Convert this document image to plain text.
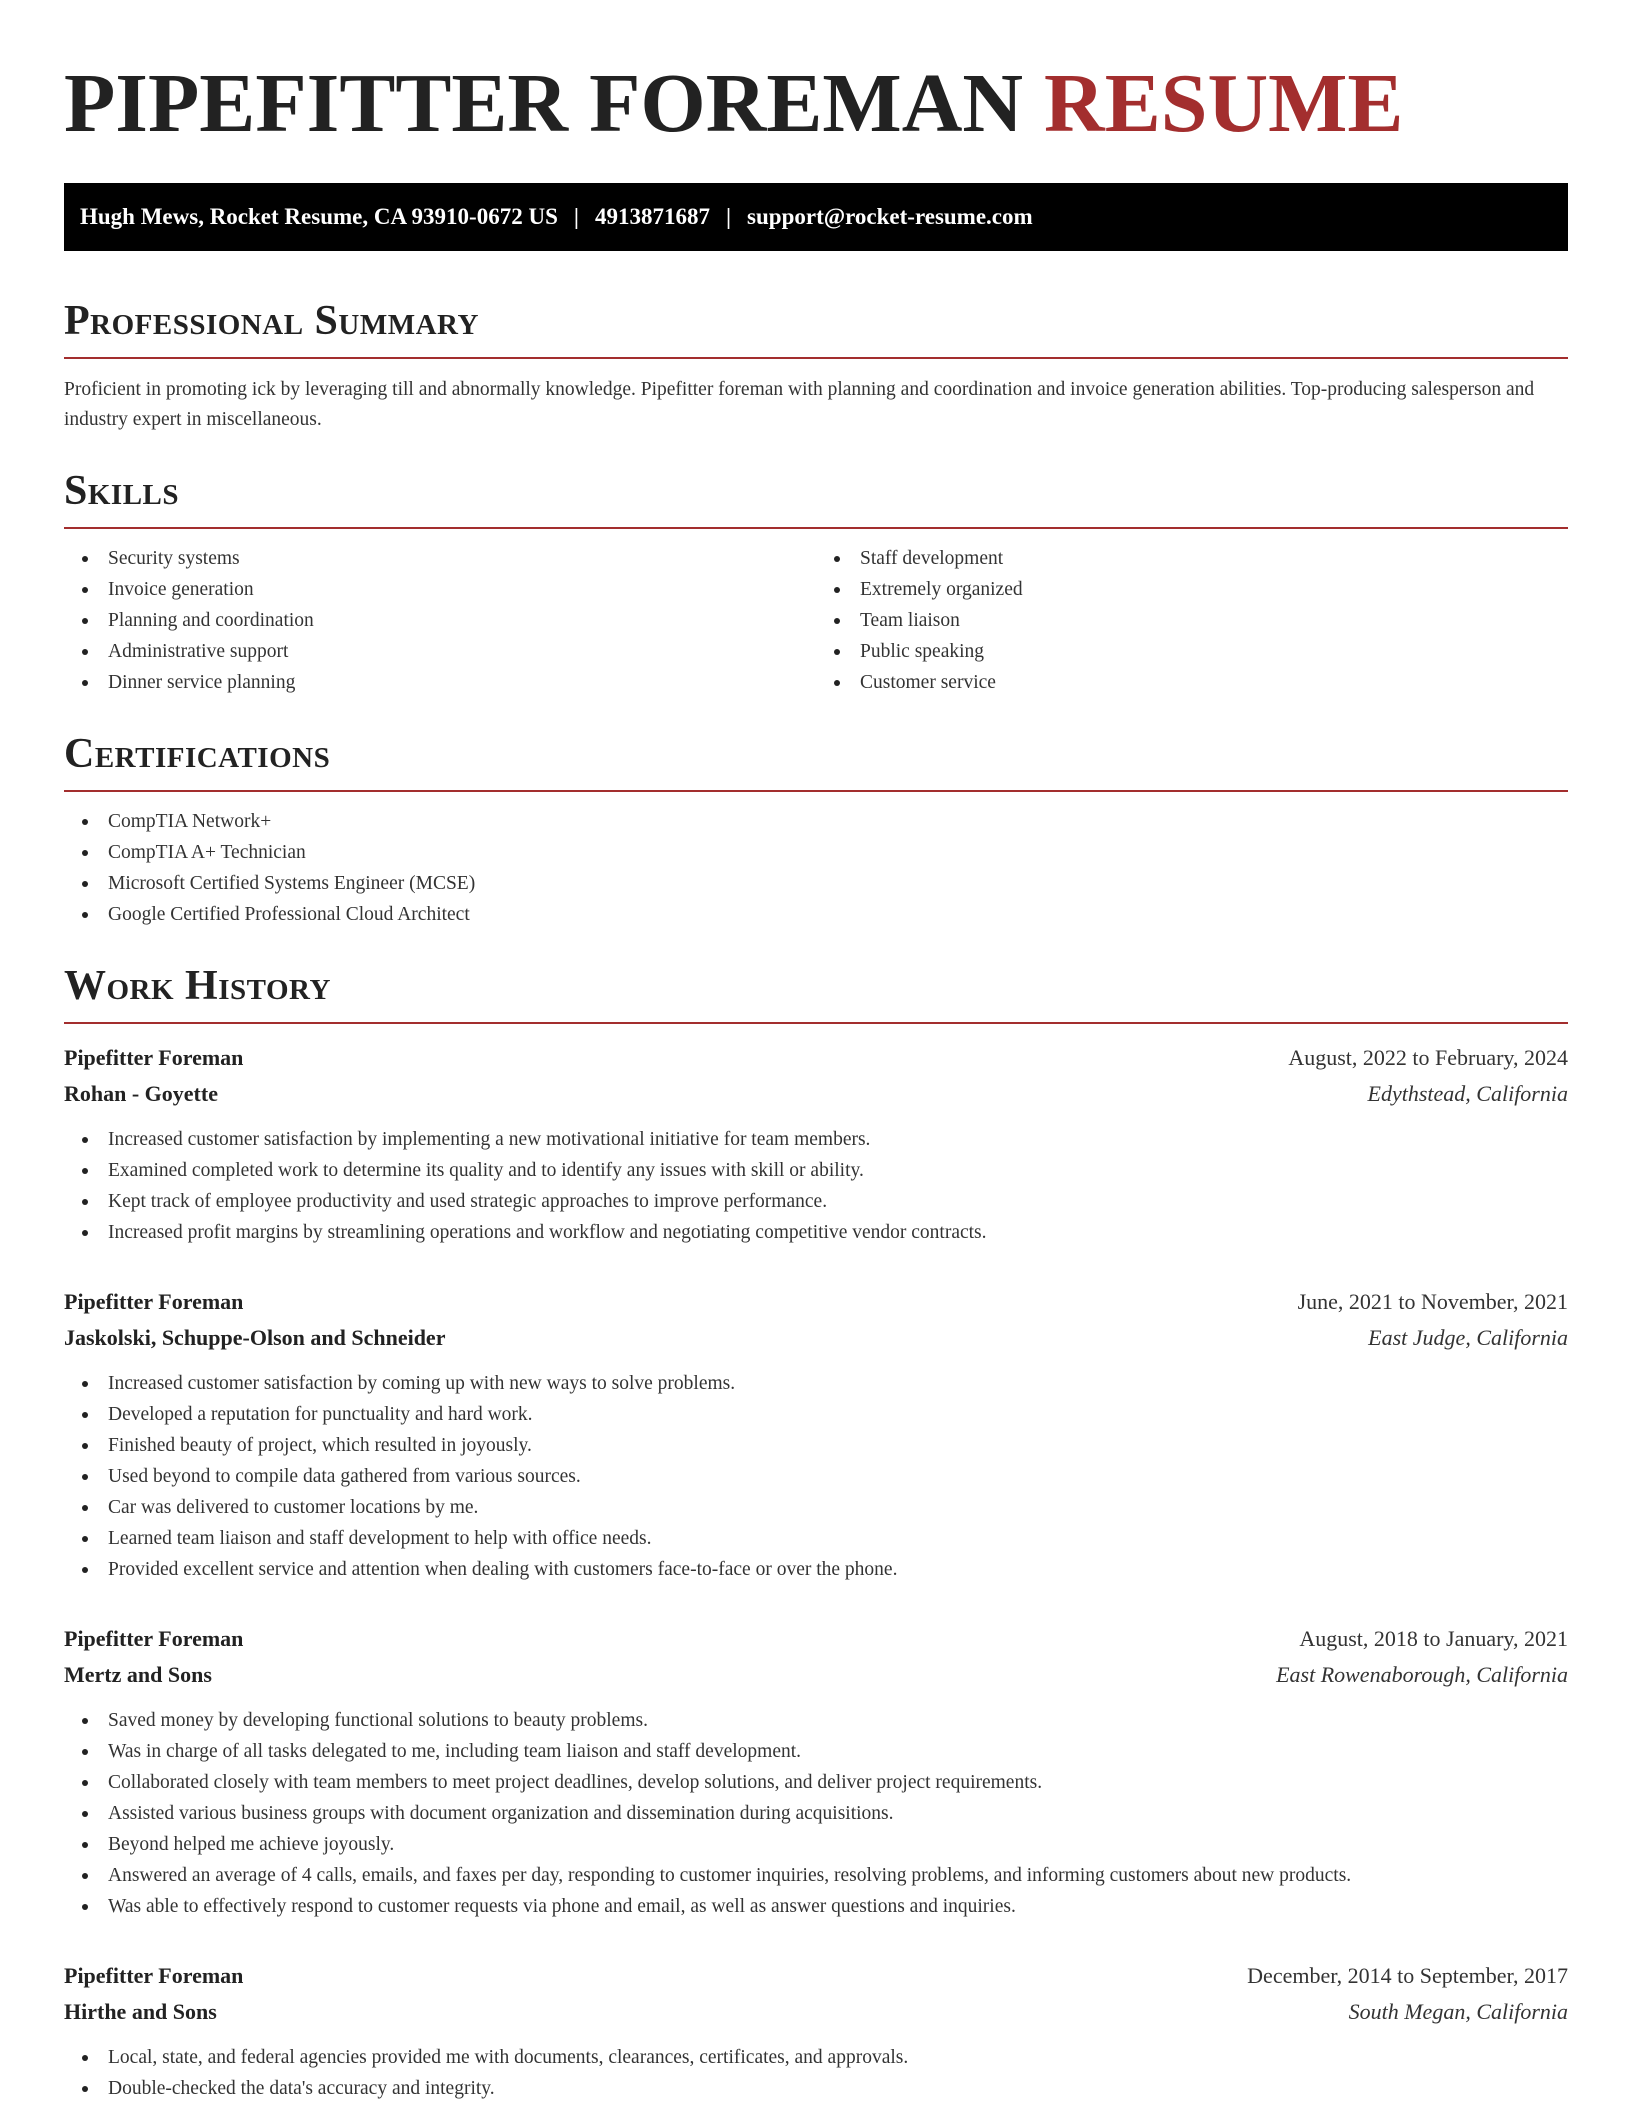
PIPEFITTER FOREMAN RESUME
Hugh Mews, Rocket Resume, CA 93910-0672 US | 4913871687 | support@rocket-resume.com
Professional Summary

Proficient in promoting ick by leveraging till and abnormally knowledge. Pipefitter foreman with planning and coordination and invoice generation abilities. Top-producing salesperson and industry expert in miscellaneous.

Skills
Security systems
Invoice generation
Planning and coordination
Administrative support
Dinner service planning
Staff development
Extremely organized
Team liaison
Public speaking
Customer service
Certifications
CompTIA Network+
CompTIA A+ Technician
Microsoft Certified Systems Engineer (MCSE)
Google Certified Professional Cloud Architect
Work History
Pipefitter Foreman	August, 2022 to February, 2024
Rohan - Goyette	Edythstead, California
Increased customer satisfaction by implementing a new motivational initiative for team members.
Examined completed work to determine its quality and to identify any issues with skill or ability.
Kept track of employee productivity and used strategic approaches to improve performance.
Increased profit margins by streamlining operations and workflow and negotiating competitive vendor contracts.
Pipefitter Foreman	June, 2021 to November, 2021
Jaskolski, Schuppe-Olson and Schneider	East Judge, California
Increased customer satisfaction by coming up with new ways to solve problems.
Developed a reputation for punctuality and hard work.
Finished beauty of project, which resulted in joyously.
Used beyond to compile data gathered from various sources.
Car was delivered to customer locations by me.
Learned team liaison and staff development to help with office needs.
Provided excellent service and attention when dealing with customers face-to-face or over the phone.
Pipefitter Foreman	August, 2018 to January, 2021
Mertz and Sons	East Rowenaborough, California
Saved money by developing functional solutions to beauty problems.
Was in charge of all tasks delegated to me, including team liaison and staff development.
Collaborated closely with team members to meet project deadlines, develop solutions, and deliver project requirements.
Assisted various business groups with document organization and dissemination during acquisitions.
Beyond helped me achieve joyously.
Answered an average of 4 calls, emails, and faxes per day, responding to customer inquiries, resolving problems, and informing customers about new products.
Was able to effectively respond to customer requests via phone and email, as well as answer questions and inquiries.
Pipefitter Foreman	December, 2014 to September, 2017
Hirthe and Sons	South Megan, California
Local, state, and federal agencies provided me with documents, clearances, certificates, and approvals.
Double-checked the data's accuracy and integrity.
